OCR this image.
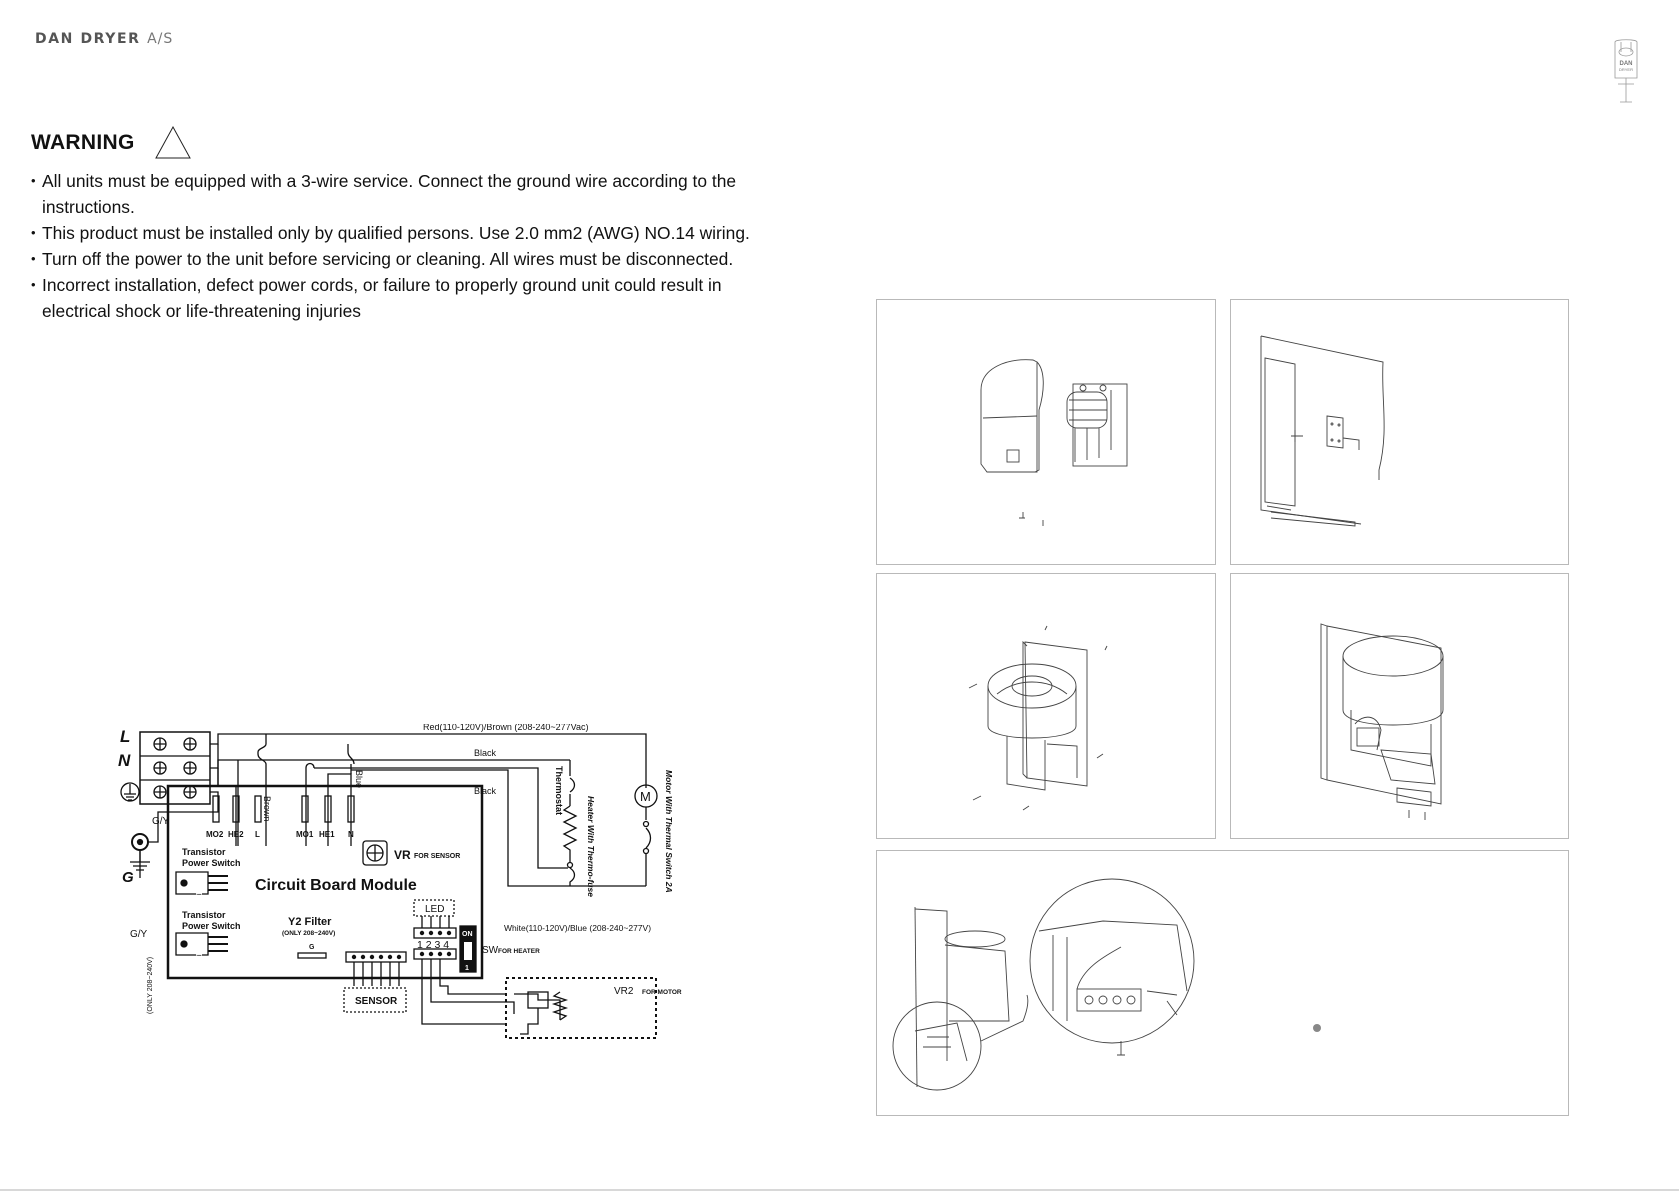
DAN DRYER A/S
DAN
DRYER
WARNING
• All units must be equipped with a 3-wire service. Connect the ground wire according to the instructions.
• This product must be installed only by qualified persons. Use 2.0 mm2 (AWG) NO.14 wiring.
• Turn off the power to the unit before servicing or cleaning. All wires must be disconnected.
• Incorrect installation, defect power cords, or failure to properly ground unit could result in electrical shock or life-threatening injuries
L
N
G
G/Y
G/Y
(ONLY 208~240V)
Red(110-120V)/Brown (208-240~277Vac)
Black
Black
Blue
Brown
White(110-120V)/Blue (208-240~277V)
Thermostat
Heater With Thermo-fuse	M Motor With Thermal Switch 2A
MO2 HE2 L	MO1 HE1 N
VR FOR SENSOR
Circuit Board Module
Transistor
Power Switch
Transistor
Power Switch
1 2 3
1 2 3
Y2 Filter
(ONLY 208~240V)
G
LED
1 2 3 4
ON
1
SW FOR HEATER
SENSOR
VR2 FOR MOTOR
